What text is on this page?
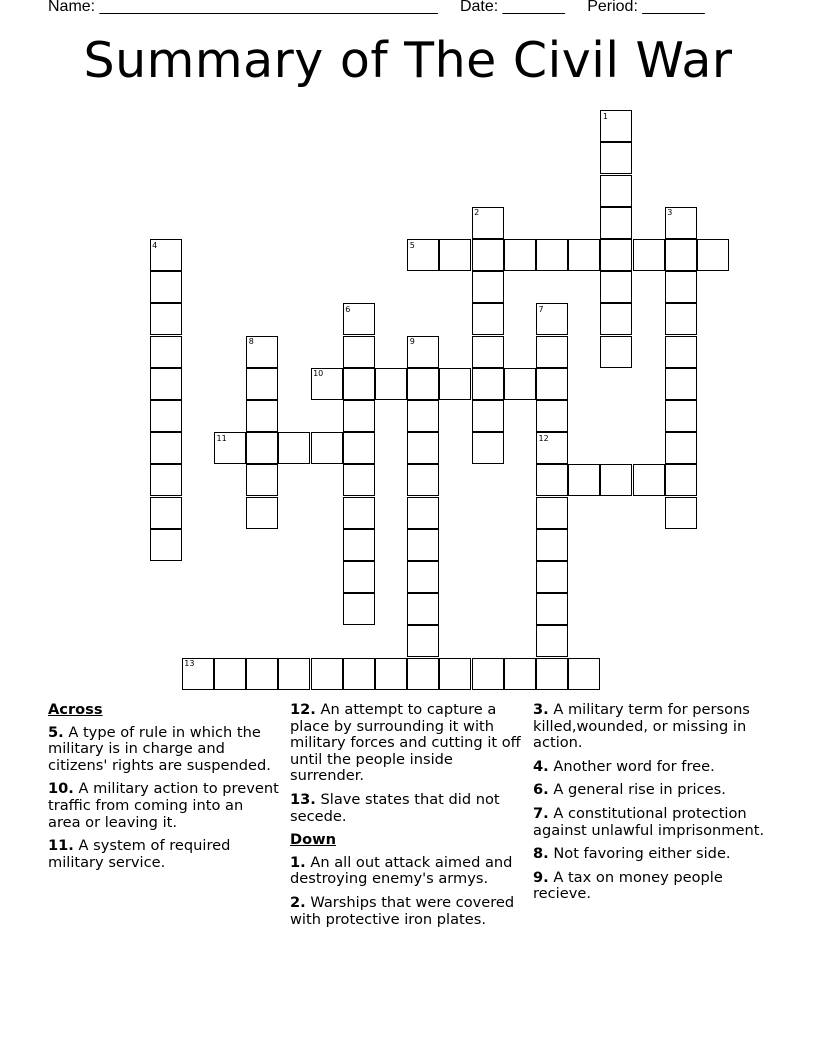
Name: ______________________________________ Date: _______ Period: _______
Summary of The Civil War
1
2	3
4	5
6	7
8	9
10
11	12
13
Across
5. A type of rule in which the military is in charge and citizens' rights are suspended.
10. A military action to prevent traffic from coming into an area or leaving it.
11. A system of required military service.
12. An attempt to capture a place by surrounding it with military forces and cutting it off until the people inside surrender.
13. Slave states that did not secede.
Down
1. An all out attack aimed and destroying enemy's armys.
2. Warships that were covered with protective iron plates.
3. A military term for persons killed,wounded, or missing in action.
4. Another word for free.
6. A general rise in prices.
7. A constitutional protection against unlawful imprisonment.
8. Not favoring either side.
9. A tax on money people recieve.
